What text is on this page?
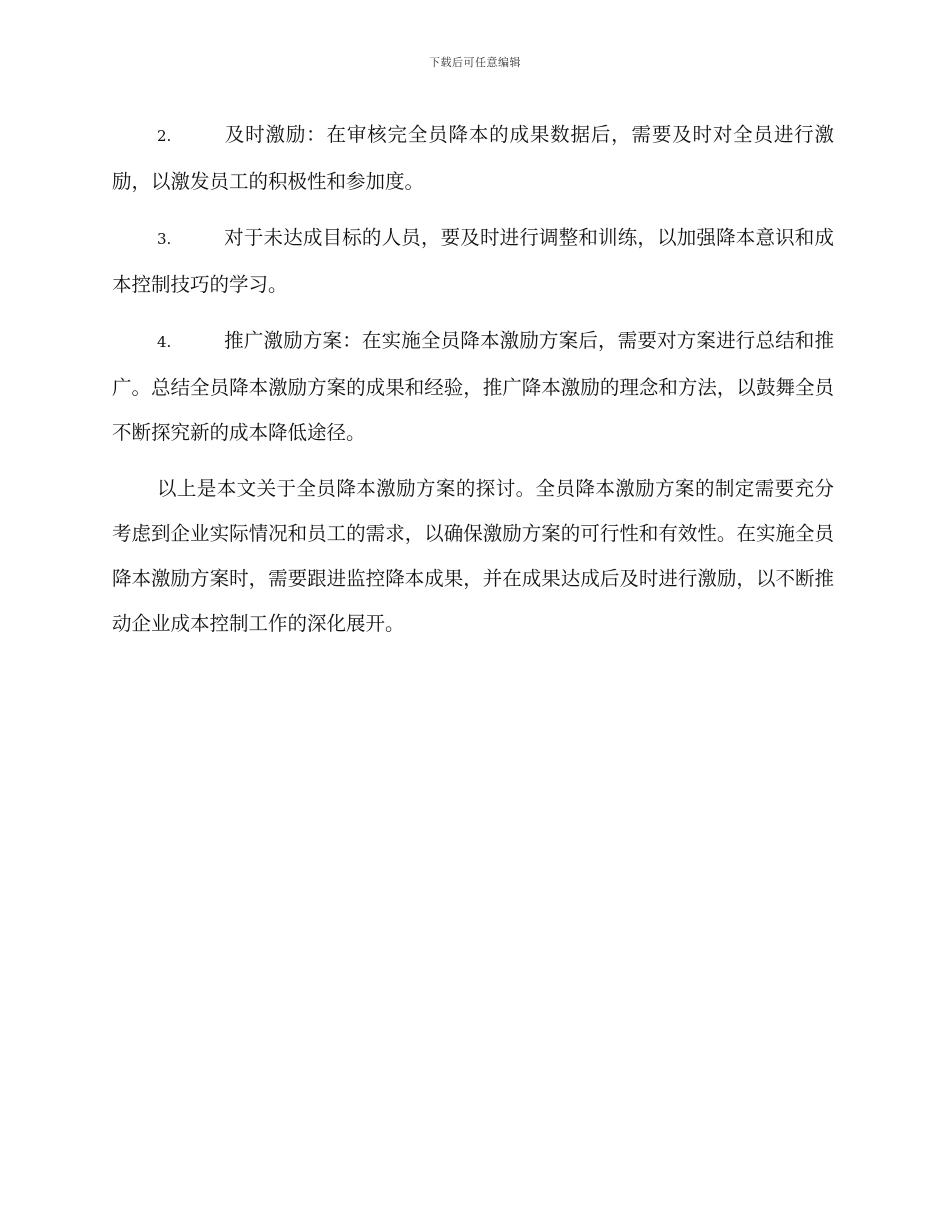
下载后可任意编辑

2.	及时激励：在审核完全员降本的成果数据后，需要及时对全员进行激励，以激发员工的积极性和参加度。

3.	对于未达成目标的人员，要及时进行调整和训练，以加强降本意识和成本控制技巧的学习。

4.	推广激励方案：在实施全员降本激励方案后，需要对方案进行总结和推广。总结全员降本激励方案的成果和经验，推广降本激励的理念和方法，以鼓舞全员不断探究新的成本降低途径。

以上是本文关于全员降本激励方案的探讨。全员降本激励方案的制定需要充分考虑到企业实际情况和员工的需求，以确保激励方案的可行性和有效性。在实施全员降本激励方案时，需要跟进监控降本成果，并在成果达成后及时进行激励，以不断推动企业成本控制工作的深化展开。
